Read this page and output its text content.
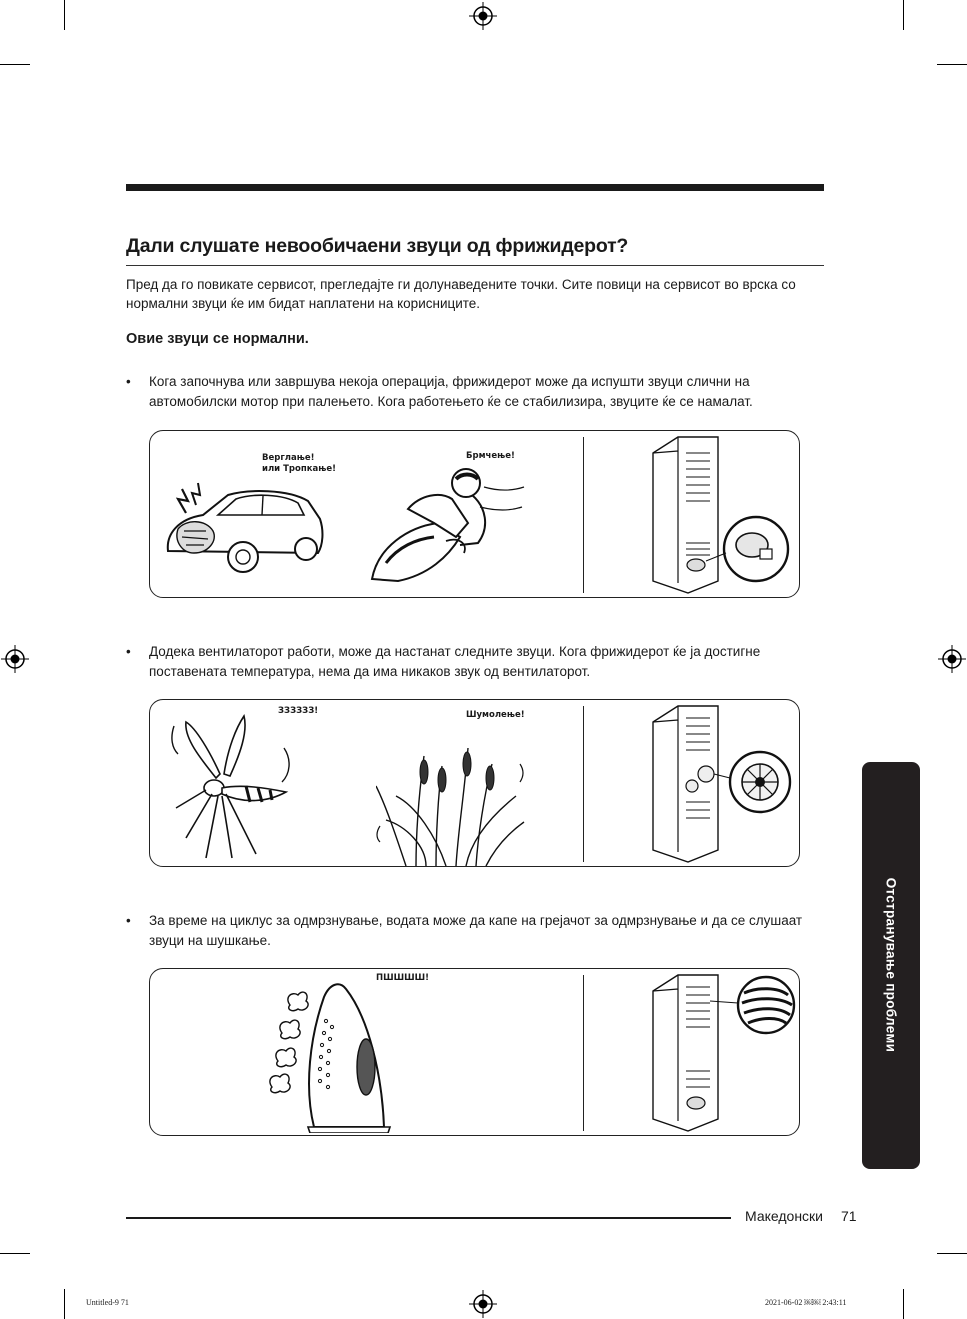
Дали слушате невообичаени звуци од фрижидерот?
Пред да го повикате сервисот, прегледајте ги долунаведените точки. Сите повици на сервисот во врска со нормални звуци ќе им бидат наплатени на корисниците.
Овие звуци се нормални.
• Кога започнува или завршува некоја операција, фрижидерот може да испушти звуци слични на автомобилски мотор при палењето. Кога работењето ќе се стабилизира, звуците ќе се намалат.
Верглање!
или Тропкање!
Брмчење!
• Додека вентилаторот работи, може да настанат следните звуци. Кога фрижидерот ќе ја достигне поставената температура, нема да има никаков звук од вентилаторот.
ЗЗЗЗЗЗ!	Шумолење!
• За време на циклус за одмрзнување, водата може да капе на грејачот за одмрзнување и да се слушаат звуци на шушкање.
ПШШШШ!	Отстранување проблеми
Македонски 71
Untitled-9 71	2021-06-02 ￼￼ 2:43:11
